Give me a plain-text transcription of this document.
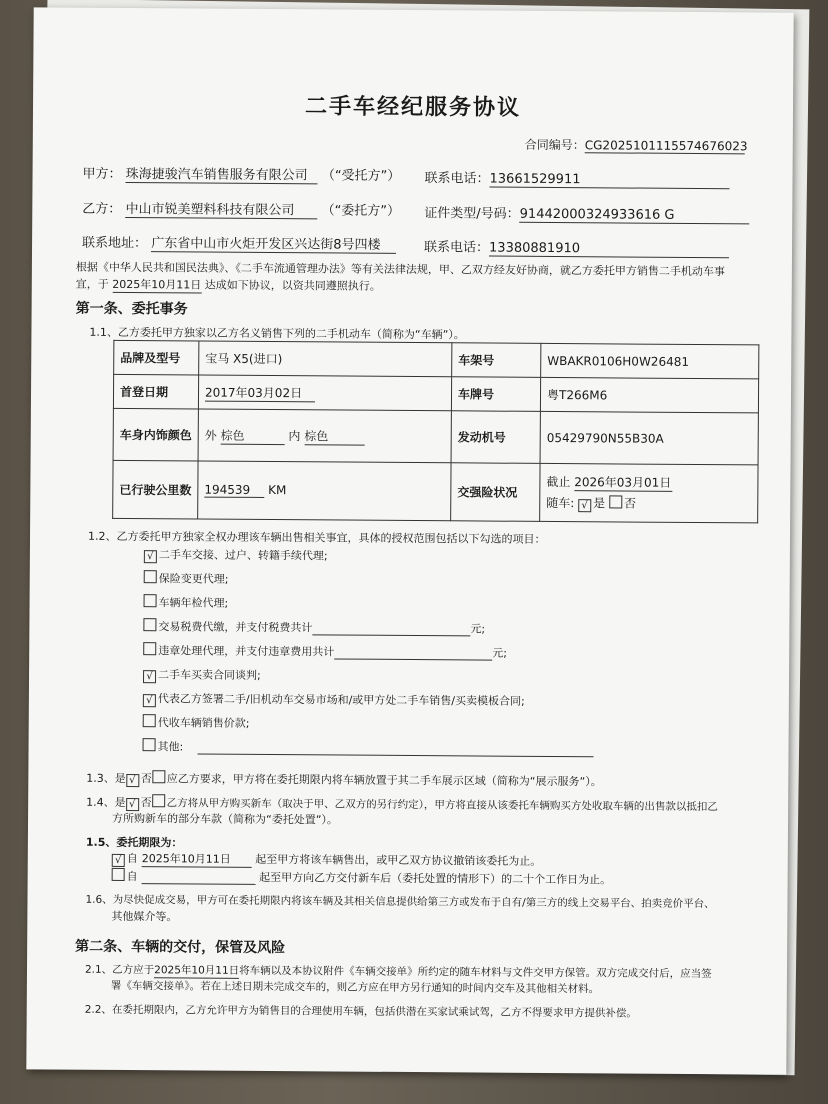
二手车经纪服务协议
合同编号：CG20251011155746760​23
甲方： 珠海捷骏汽车销售服务有限公司 （“受托方”） 联系电话：13661529911
乙方： 中山市锐美塑料科技有限公司 （“委托方”） 证件类型/号码：91442000324933616 G
联系地址： 广东省中山市火炬开发区兴达街8号四楼	联系电话：13380881910
根据《中华人民共和国民法典》、《二手车流通管理办法》等有关法律法规，甲、乙双方经友好协商，就乙方委托甲方销售二手机动车事
宜，于 2025年10月11日 达成如下协议，以资共同遵照执行。
第一条、委托事务
1.1、乙方委托甲方独家以乙方名义销售下列的二手机动车（简称为“车辆”）。
品牌及型号	宝马 X5(进口)	车架号	WBAKR0106H0W26481
首登日期	2017年03月02日	车牌号	粤T266M6
车身内饰颜色	外 棕色 内 棕色	发动机号	05429790N55B30A
已行驶公里数	194539 KM	交强险状况	截止 2026年03月01日
随车: √ 是 否
1.2、乙方委托甲方独家全权办理该车辆出售相关事宜，具体的授权范围包括以下勾选的项目：
√ 二手车交接、过户、转籍手续代理;
保险变更代理;
车辆年检代理;
交易税费代缴，并支付税费共计	元;
违章处理代理，并支付违章费用共计	元;
√ 二手车买卖合同谈判;
√ 代表乙方签署二手/旧机动车交易市场和/或甲方处二手车销售/买卖模板合同;
代收车辆销售价款;
其他:
1.3、是 √ 否 应乙方要求，甲方将在委托期限内将车辆放置于其二手车展示区域（简称为“展示服务”）。
1.4、是 √ 否 乙方将从甲方购买新车（取决于甲、乙双方的另行约定），甲方将直接从该委托车辆购买方处收取车辆的出售款以抵扣乙
方所购新车的部分车款（简称为“委托处置”）。
1.5、委托期限为：
√ 自 2025年10月11日 起至甲方将该车辆售出，或甲乙双方协议撤销该委托为止。
自	起至甲方向乙方交付新车后（委托处置的情形下）的二十个工作日为止。
1.6、为尽快促成交易，甲方可在委托期限内将该车辆及其相关信息提供给第三方或发布于自有/第三方的线上交易平台、拍卖竞价平台、
其他媒介等。
第二条、车辆的交付，保管及风险
2.1、乙方应于2025年10月11日将车辆以及本协议附件《车辆交接单》所约定的随车材料与文件交甲方保管。双方完成交付后，应当签
署《车辆交接单》。若在上述日期未完成交车的，则乙方应在甲方另行通知的时间内交车及其他相关材料。
2.2、在委托期限内，乙方允许甲方为销售目的合理使用车辆，包括供潜在买家试乘试驾，乙方不得要求甲方提供补偿。
